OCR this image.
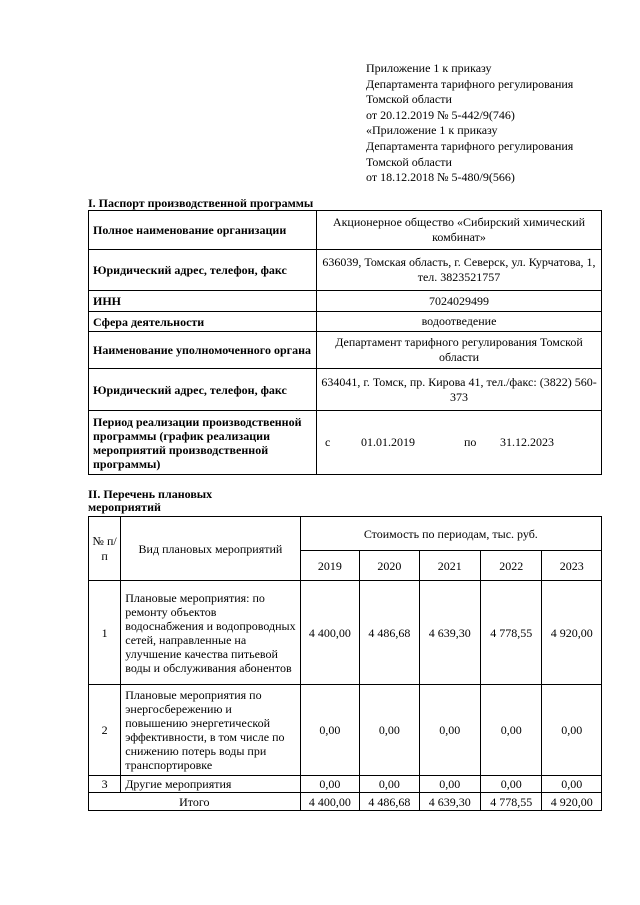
Приложение 1 к приказу
Департамента тарифного регулирования
Томской области
от 20.12.2019 № 5-442/9(746)
«Приложение 1 к приказу
Департамента тарифного регулирования
Томской области
от 18.12.2018 № 5-480/9(566)
I. Паспорт производственной программы
Полное наименование организации	Акционерное общество «Сибирский химический комбинат»
Юридический адрес, телефон, факс	636039, Томская область, г. Северск, ул. Курчатова, 1, тел. 3823521757
ИНН	7024029499
Сфера деятельности	водоотведение
Наименование уполномоченного органа	Департамент тарифного регулирования Томской области
Юридический адрес, телефон, факс	634041, г. Томск, пр. Кирова 41, тел./факс: (3822) 560-373
Период реализации производственной программы (график реализации мероприятий производственной программы)	с 01.01.2019 по 31.12.2023
II. Перечень плановых мероприятий
№ п/п	Вид плановых мероприятий	Стоимость по периодам, тыс. руб.				
		2019	2020	2021	2022	2023
1	Плановые мероприятия: по ремонту объектов водоснабжения и водопроводных сетей, направленные на улучшение качества питьевой воды и обслуживания абонентов	4 400,00	4 486,68	4 639,30	4 778,55	4 920,00
2	Плановые мероприятия по энергосбережению и повышению энергетической эффективности, в том числе по снижению потерь воды при транспортировке	0,00	0,00	0,00	0,00	0,00
3	Другие мероприятия	0,00	0,00	0,00	0,00	0,00
Итого		4 400,00	4 486,68	4 639,30	4 778,55	4 920,00
